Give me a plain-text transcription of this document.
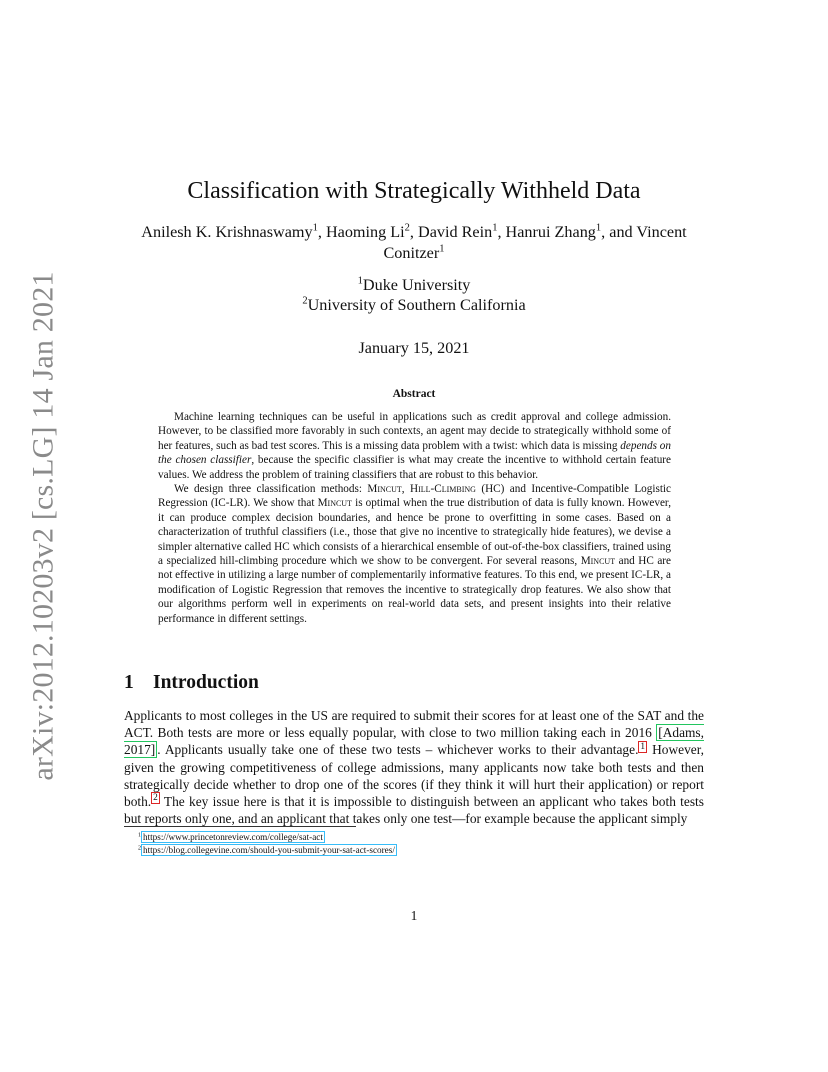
arXiv:2012.10203v2 [cs.LG] 14 Jan 2021
Classification with Strategically Withheld Data
Anilesh K. Krishnaswamy$^1$, Haoming Li$^2$, David Rein$^1$, Hanrui Zhang$^1$, and Vincent Conitzer$^1$
$^1$Duke University
$^2$University of Southern California
January 15, 2021
Abstract

Machine learning techniques can be useful in applications such as credit approval and college admission. However, to be classified more favorably in such contexts, an agent may decide to strategically withhold some of her features, such as bad test scores. This is a missing data problem with a twist: which data is missing depends on the chosen classifier, because the specific classifier is what may create the incentive to withhold certain feature values. We address the problem of training classifiers that are robust to this behavior.

We design three classification methods: Mincut, Hill-Climbing (HC) and Incentive-Compatible Logistic Regression (IC-LR). We show that Mincut is optimal when the true distribution of data is fully known. However, it can produce complex decision boundaries, and hence be prone to overfitting in some cases. Based on a characterization of truthful classifiers (i.e., those that give no incentive to strategically hide features), we devise a simpler alternative called HC which consists of a hierarchical ensemble of out-of-the-box classifiers, trained using a specialized hill-climbing procedure which we show to be convergent. For several reasons, Mincut and HC are not effective in utilizing a large number of complementarily informative features. To this end, we present IC-LR, a modification of Logistic Regression that removes the incentive to strategically drop features. We also show that our algorithms perform well in experiments on real-world data sets, and present insights into their relative performance in different settings.

1 Introduction

Applicants to most colleges in the US are required to submit their scores for at least one of the SAT and the ACT. Both tests are more or less equally popular, with close to two million taking each in 2016 [Adams, 2017] . Applicants usually take one of these two tests – whichever works to their advantage. $^1$ However, given the growing competitiveness of college admissions, many applicants now take both tests and then strategically decide whether to drop one of the scores (if they think it will hurt their application) or report both. $^2$ The key issue here is that it is impossible to distinguish between an applicant who takes both tests but reports only one, and an applicant that takes only one test—for example because the applicant simply

$^1$ https://www.princetonreview.com/college/sat-act
$^2$ https://blog.collegevine.com/should-you-submit-your-sat-act-scores/
1
